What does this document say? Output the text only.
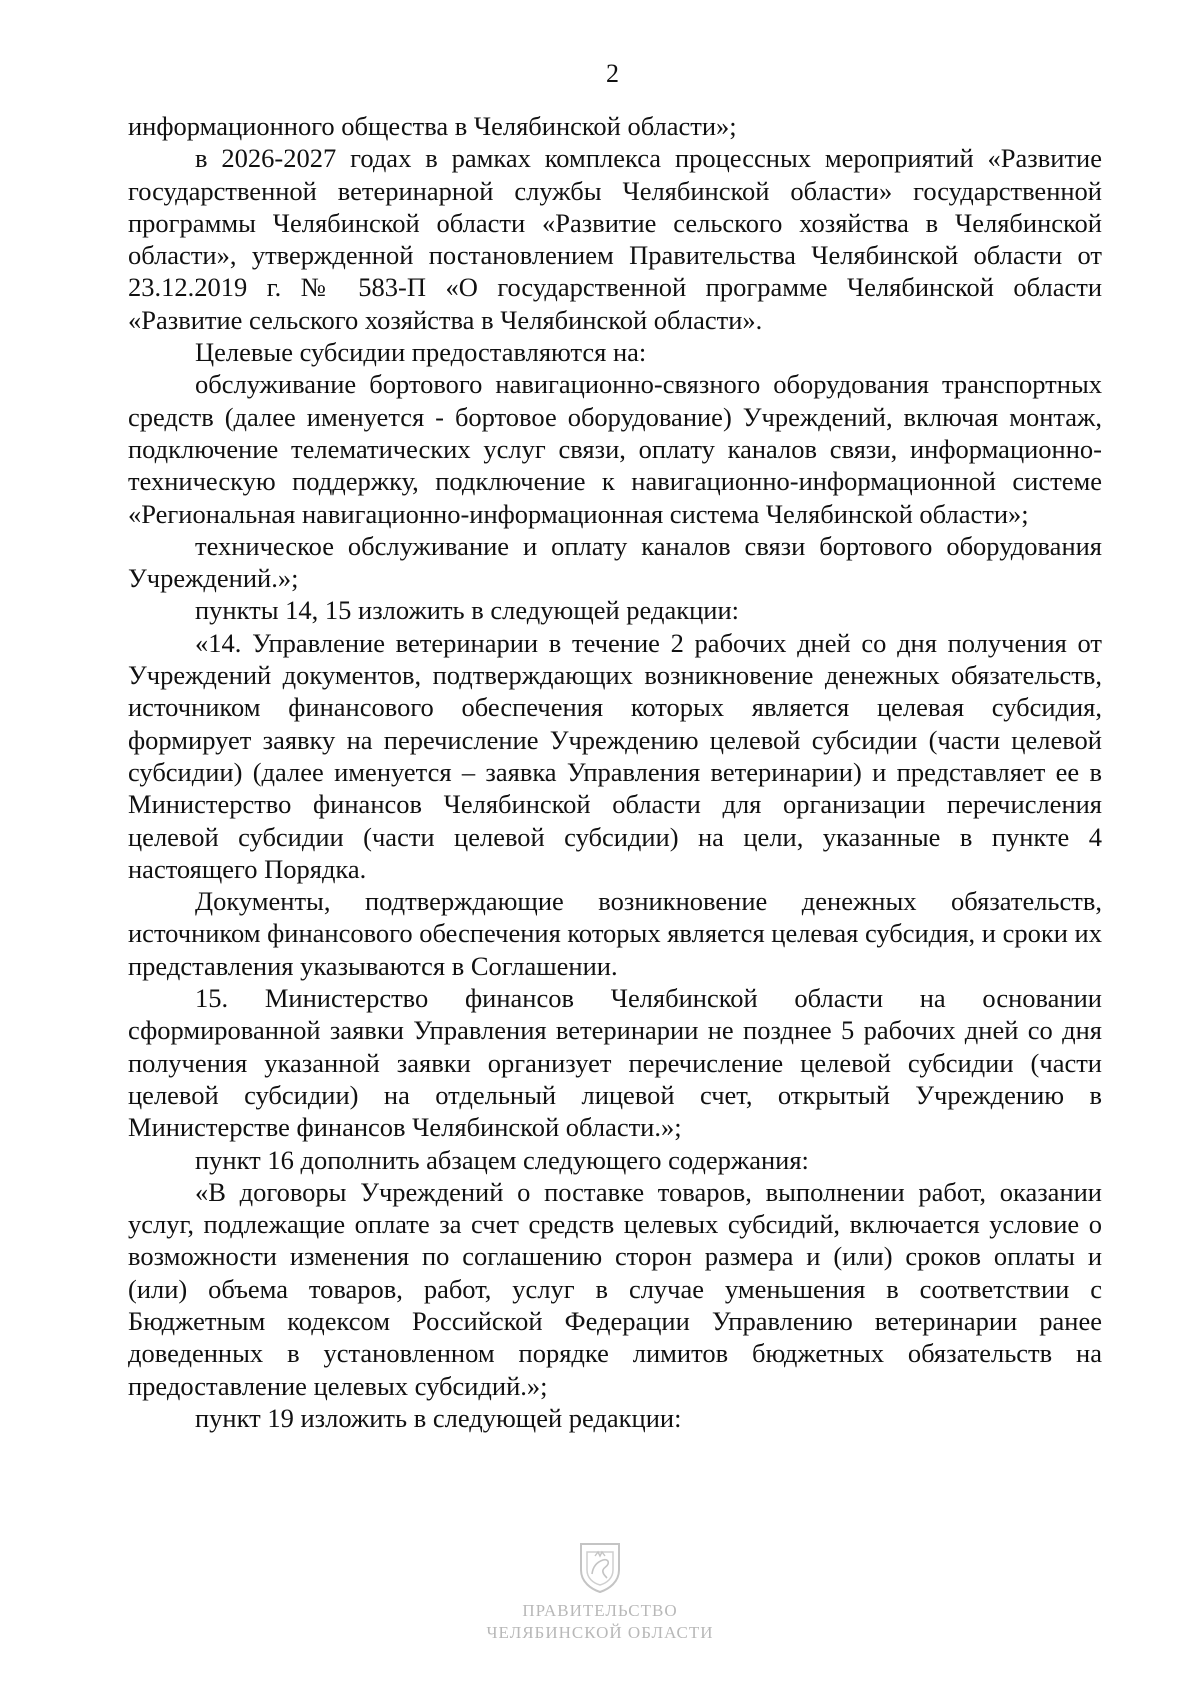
2

информационного общества в Челябинской области»;

в 2026-2027 годах в рамках комплекса процессных мероприятий «Развитие государственной ветеринарной службы Челябинской области» государственной программы Челябинской области «Развитие сельского хозяйства в Челябинской области», утвержденной постановлением Правительства Челябинской области от 23.12.2019 г. № 583-П «О государственной программе Челябинской области «Развитие сельского хозяйства в Челябинской области».

Целевые субсидии предоставляются на:

обслуживание бортового навигационно-связного оборудования транспортных средств (далее именуется - бортовое оборудование) Учреждений, включая монтаж, подключение телематических услуг связи, оплату каналов связи, информационно-техническую поддержку, подключение к навигационно-информационной системе «Региональная навигационно-информационная система Челябинской области»;

техническое обслуживание и оплату каналов связи бортового оборудования Учреждений.»;

пункты 14, 15 изложить в следующей редакции:

«14. Управление ветеринарии в течение 2 рабочих дней со дня получения от Учреждений документов, подтверждающих возникновение денежных обязательств, источником финансового обеспечения которых является целевая субсидия, формирует заявку на перечисление Учреждению целевой субсидии (части целевой субсидии) (далее именуется – заявка Управления ветеринарии) и представляет ее в Министерство финансов Челябинской области для организации перечисления целевой субсидии (части целевой субсидии) на цели, указанные в пункте 4 настоящего Порядка.

Документы, подтверждающие возникновение денежных обязательств, источником финансового обеспечения которых является целевая субсидия, и сроки их представления указываются в Соглашении.

15. Министерство финансов Челябинской области на основании сформированной заявки Управления ветеринарии не позднее 5 рабочих дней со дня получения указанной заявки организует перечисление целевой субсидии (части целевой субсидии) на отдельный лицевой счет, открытый Учреждению в Министерстве финансов Челябинской области.»;

пункт 16 дополнить абзацем следующего содержания:

«В договоры Учреждений о поставке товаров, выполнении работ, оказании услуг, подлежащие оплате за счет средств целевых субсидий, включается условие о возможности изменения по соглашению сторон размера и (или) сроков оплаты и (или) объема товаров, работ, услуг в случае уменьшения в соответствии с Бюджетным кодексом Российской Федерации Управлению ветеринарии ранее доведенных в установленном порядке лимитов бюджетных обязательств на предоставление целевых субсидий.»;

пункт 19 изложить в следующей редакции:

ПРАВИТЕЛЬСТВО
ЧЕЛЯБИНСКОЙ ОБЛАСТИ
